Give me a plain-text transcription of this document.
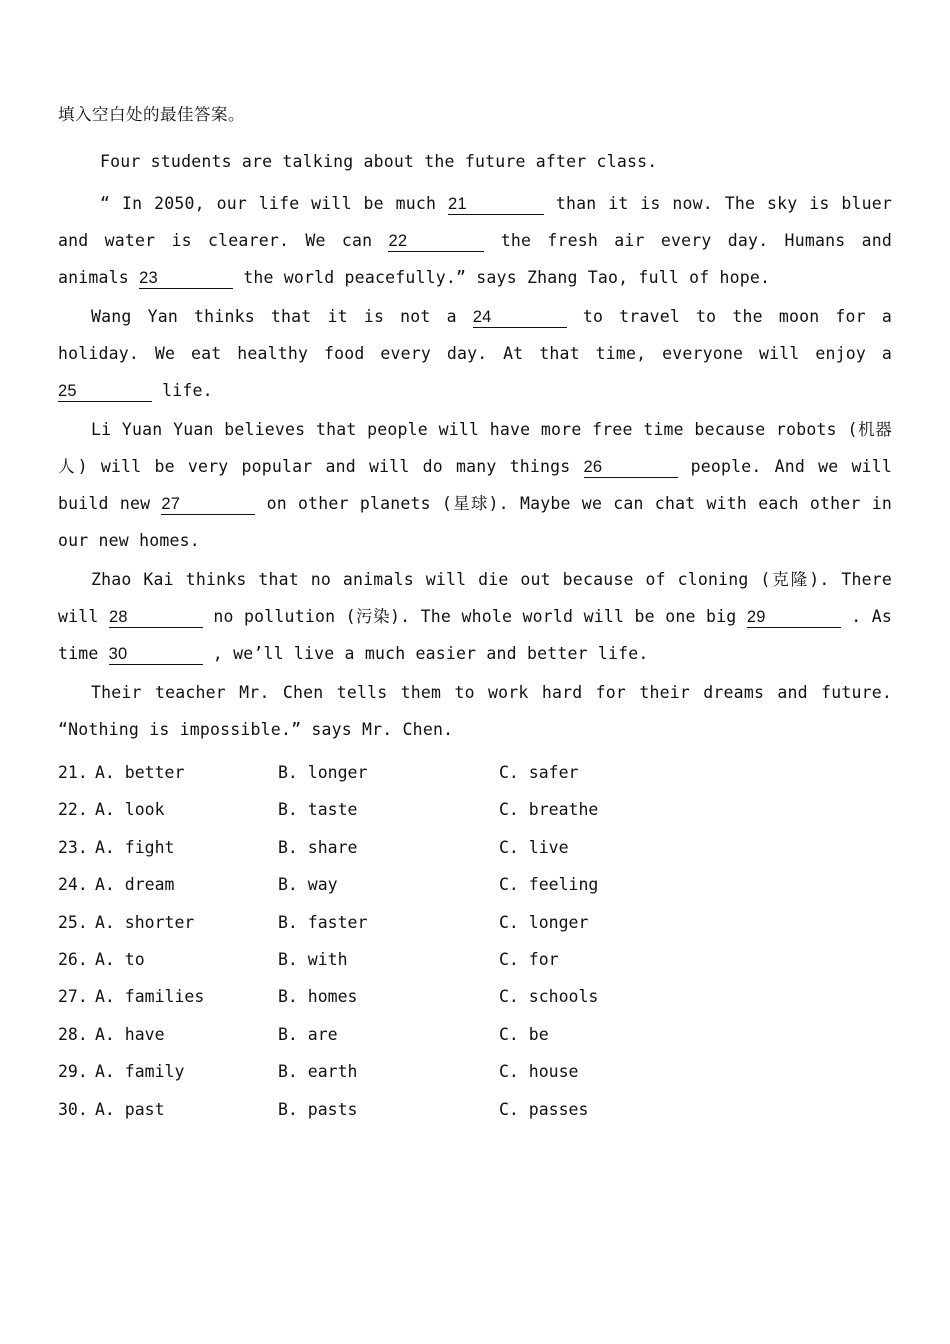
填入空白处的最佳答案。

Four students are talking about the future after class.

“ In 2050, our life will be much 21	than it is now. The sky is bluer and water is clearer. We can 22	the fresh air every day. Humans and animals 23	the world peacefully.” says Zhang Tao, full of hope.

Wang Yan thinks that it is not a 24	to travel to the moon for a holiday. We eat healthy food every day. At that time, everyone will enjoy a 25	life.

Li Yuan Yuan believes that people will have more free time because robots (机器人) will be very popular and will do many things 26	people. And we will build new 27	on other planets (星球). Maybe we can chat with each other in our new homes.

Zhao Kai thinks that no animals will die out because of cloning (克隆). There will 28	no pollution (污染). The whole world will be one big 29	. As time 30	, we’ll live a much easier and better life.

Their teacher Mr. Chen tells them to work hard for their dreams and future. “Nothing is impossible.” says Mr. Chen.

21. A. better	B. longer	C. safer
22. A. look	B. taste	C. breathe
23. A. fight	B. share	C. live
24. A. dream	B. way	C. feeling
25. A. shorter	B. faster	C. longer
26. A. to	B. with	C. for
27. A. families	B. homes	C. schools
28. A. have	B. are	C. be
29. A. family	B. earth	C. house
30. A. past	B. pasts	C. passes
